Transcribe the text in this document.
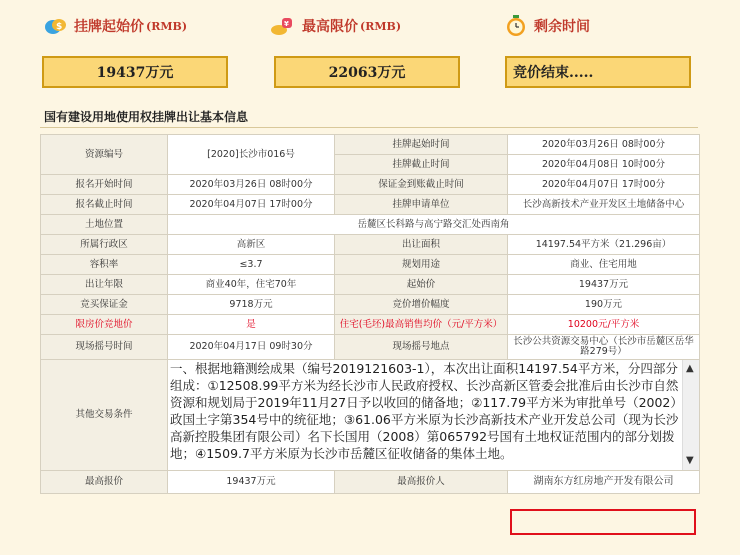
$ 挂牌起始价 (RMB)	¥ 最高限价 (RMB)	剩余时间
19437万元	22063万元	竞价结束.....
国有建设用地使用权挂牌出让基本信息
资源编号	[2020]长沙市016号	挂牌起始时间	2020年03月26日 08时00分
		挂牌截止时间	2020年04月08日 10时00分
报名开始时间	2020年03月26日 08时00分	保证金到账截止时间	2020年04月07日 17时00分
报名截止时间	2020年04月07日 17时00分	挂牌申请单位	长沙高新技术产业开发区土地储备中心
土地位置	岳麓区长科路与高宁路交汇处西南角		
所属行政区	高新区	出让面积	14197.54平方米（21.296亩）
容积率	≤3.7	规划用途	商业、住宅用地
出让年限	商业40年，住宅70年	起始价	19437万元
竞买保证金	9718万元	竞价增价幅度	190万元
限房价竞地价	是	住宅(毛坯)最高销售均价（元/平方米）	10200元/平方米
现场摇号时间	2020年04月17日 09时30分	现场摇号地点	长沙公共资源交易中心（长沙市岳麓区岳华路279号）
其他交易条件	一、根据地籍测绘成果（编号2019121603-1），本次出让面积14197.54平方米，分四部分组成：①12508.99平方米为经长沙市人民政府授权、长沙高新区管委会批准后由长沙市自然资源和规划局于2019年11月27日予以收回的储备地；②117.79平方米为审批单号（2002）政国土字第354号中的统征地；③61.06平方米原为长沙高新技术产业开发总公司（现为长沙高新控股集团有限公司）名下长国用（2008）第065792号国有土地权证范围内的部分划拨地；④1509.7平方米原为长沙市岳麓区征收储备的集体土地。
▲
▼		

最高报价	19437万元	最高报价人	湖南东方红房地产开发有限公司
